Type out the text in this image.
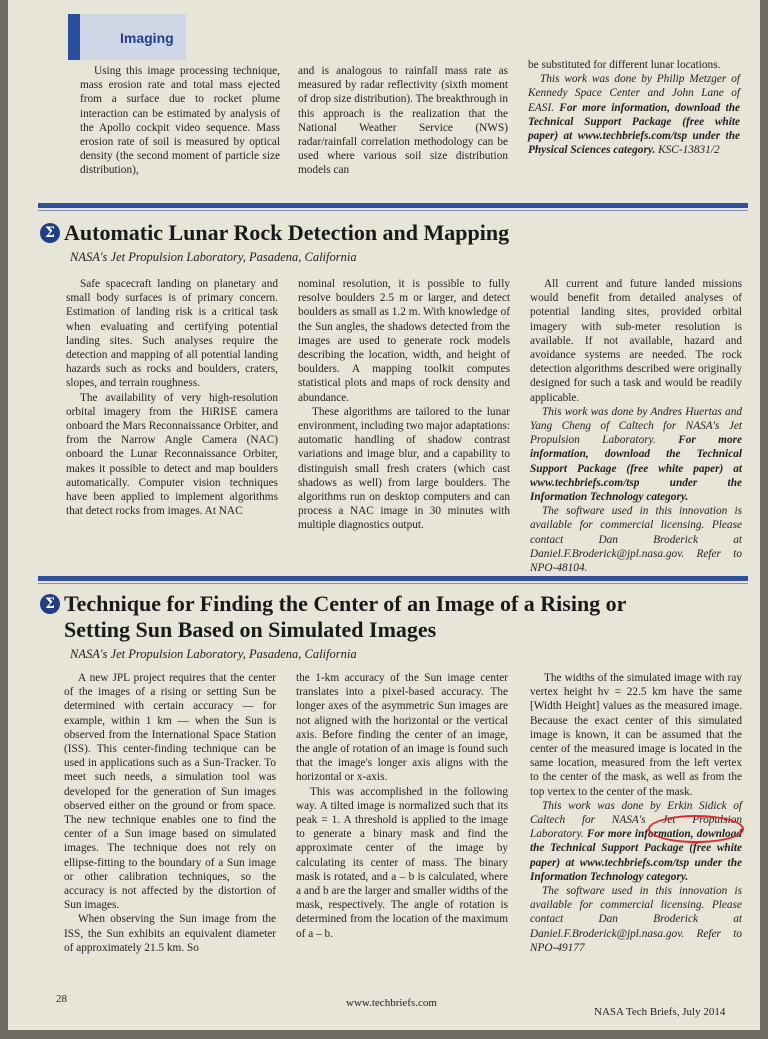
Imaging

Using this image processing technique, mass erosion rate and total mass ejected from a surface due to rocket plume interaction can be estimated by analysis of the Apollo cockpit video sequence. Mass erosion rate of soil is measured by optical density (the second moment of particle size distribution),

and is analogous to rainfall mass rate as measured by radar reflectivity (sixth moment of drop size distribution). The breakthrough in this approach is the realization that the National Weather Service (NWS) radar/rainfall correlation methodology can be used where various soil size distribution models can

be substituted for different lunar locations.

This work was done by Philip Metzger of Kennedy Space Center and John Lane of EASI. For more information, download the Technical Support Package (free white paper) at www.techbriefs.com/tsp under the Physical Sciences category. KSC-13831/2

Σ Automatic Lunar Rock Detection and Mapping
NASA's Jet Propulsion Laboratory, Pasadena, California

Safe spacecraft landing on planetary and small body surfaces is of primary concern. Estimation of landing risk is a critical task when evaluating and certifying potential landing sites. Such analyses require the detection and mapping of all potential landing hazards such as rocks and boulders, craters, slopes, and terrain roughness.

The availability of very high-resolution orbital imagery from the HiRISE camera onboard the Mars Reconnaissance Orbiter, and from the Narrow Angle Camera (NAC) onboard the Lunar Reconnaissance Orbiter, makes it possible to detect and map boulders automatically. Computer vision techniques have been applied to implement algorithms that detect rocks from images. At NAC

nominal resolution, it is possible to fully resolve boulders 2.5 m or larger, and detect boulders as small as 1.2 m. With knowledge of the Sun angles, the shadows detected from the images are used to generate rock models describing the location, width, and height of boulders. A mapping toolkit computes statistical plots and maps of rock density and abundance.

These algorithms are tailored to the lunar environment, including two major adaptations: automatic handling of shadow contrast variations and image blur, and a capability to distinguish small fresh craters (which cast shadows as well) from large boulders. The algorithms run on desktop computers and can process a NAC image in 30 minutes with multiple diagnostics output.

All current and future landed missions would benefit from detailed analyses of potential landing sites, provided orbital imagery with sub-meter resolution is available. If not available, hazard and avoidance systems are needed. The rock detection algorithms described were originally designed for such a task and would be readily applicable.

This work was done by Andres Huertas and Yang Cheng of Caltech for NASA's Jet Propulsion Laboratory. For more information, download the Technical Support Package (free white paper) at www.techbriefs.com/tsp under the Information Technology category.

The software used in this innovation is available for commercial licensing. Please contact Dan Broderick at Daniel.F.Broderick@jpl.nasa.gov. Refer to NPO-48104.

Σ Technique for Finding the Center of an Image of a Rising or
Setting Sun Based on Simulated Images
NASA's Jet Propulsion Laboratory, Pasadena, California

A new JPL project requires that the center of the images of a rising or setting Sun be determined with certain accuracy — for example, within 1 km — when the Sun is observed from the International Space Station (ISS). This center-finding technique can be used in applications such as a Sun-Tracker. To meet such needs, a simulation tool was developed for the generation of Sun images observed either on the ground or from space. The new technique enables one to find the center of a Sun image based on simulated images. The technique does not rely on ellipse-fitting to the boundary of a Sun image or other calibration techniques, so the accuracy is not affected by the distortion of Sun images.

When observing the Sun image from the ISS, the Sun exhibits an equivalent diameter of approximately 21.5 km. So

the 1-km accuracy of the Sun image center translates into a pixel-based accuracy. The longer axes of the asymmetric Sun images are not aligned with the horizontal or the vertical axis. Before finding the center of an image, the angle of rotation of an image is found such that the image's longer axis aligns with the horizontal or x-axis.

This was accomplished in the following way. A tilted image is normalized such that its peak = 1. A threshold is applied to the image to generate a binary mask and find the approximate center of the image by calculating its center of mass. The binary mask is rotated, and a – b is calculated, where a and b are the larger and smaller widths of the mask, respectively. The angle of rotation is determined from the location of the maximum of a – b.

The widths of the simulated image with ray vertex height hv = 22.5 km have the same [Width Height] values as the measured image. Because the exact center of this simulated image is known, it can be assumed that the center of the measured image is located in the same location, measured from the left vertex to the center of the mask, as well as from the top vertex to the center of the mask.

This work was done by Erkin Sidick of Caltech for NASA's Jet Propulsion Laboratory. For more information, download the Technical Support Package (free white paper) at www.techbriefs.com/tsp under the Information Technology category.

The software used in this innovation is available for commercial licensing. Please contact Dan Broderick at Daniel.F.Broderick@jpl.nasa.gov. Refer to NPO-49177

28	www.techbriefs.com
NASA Tech Briefs, July 2014
